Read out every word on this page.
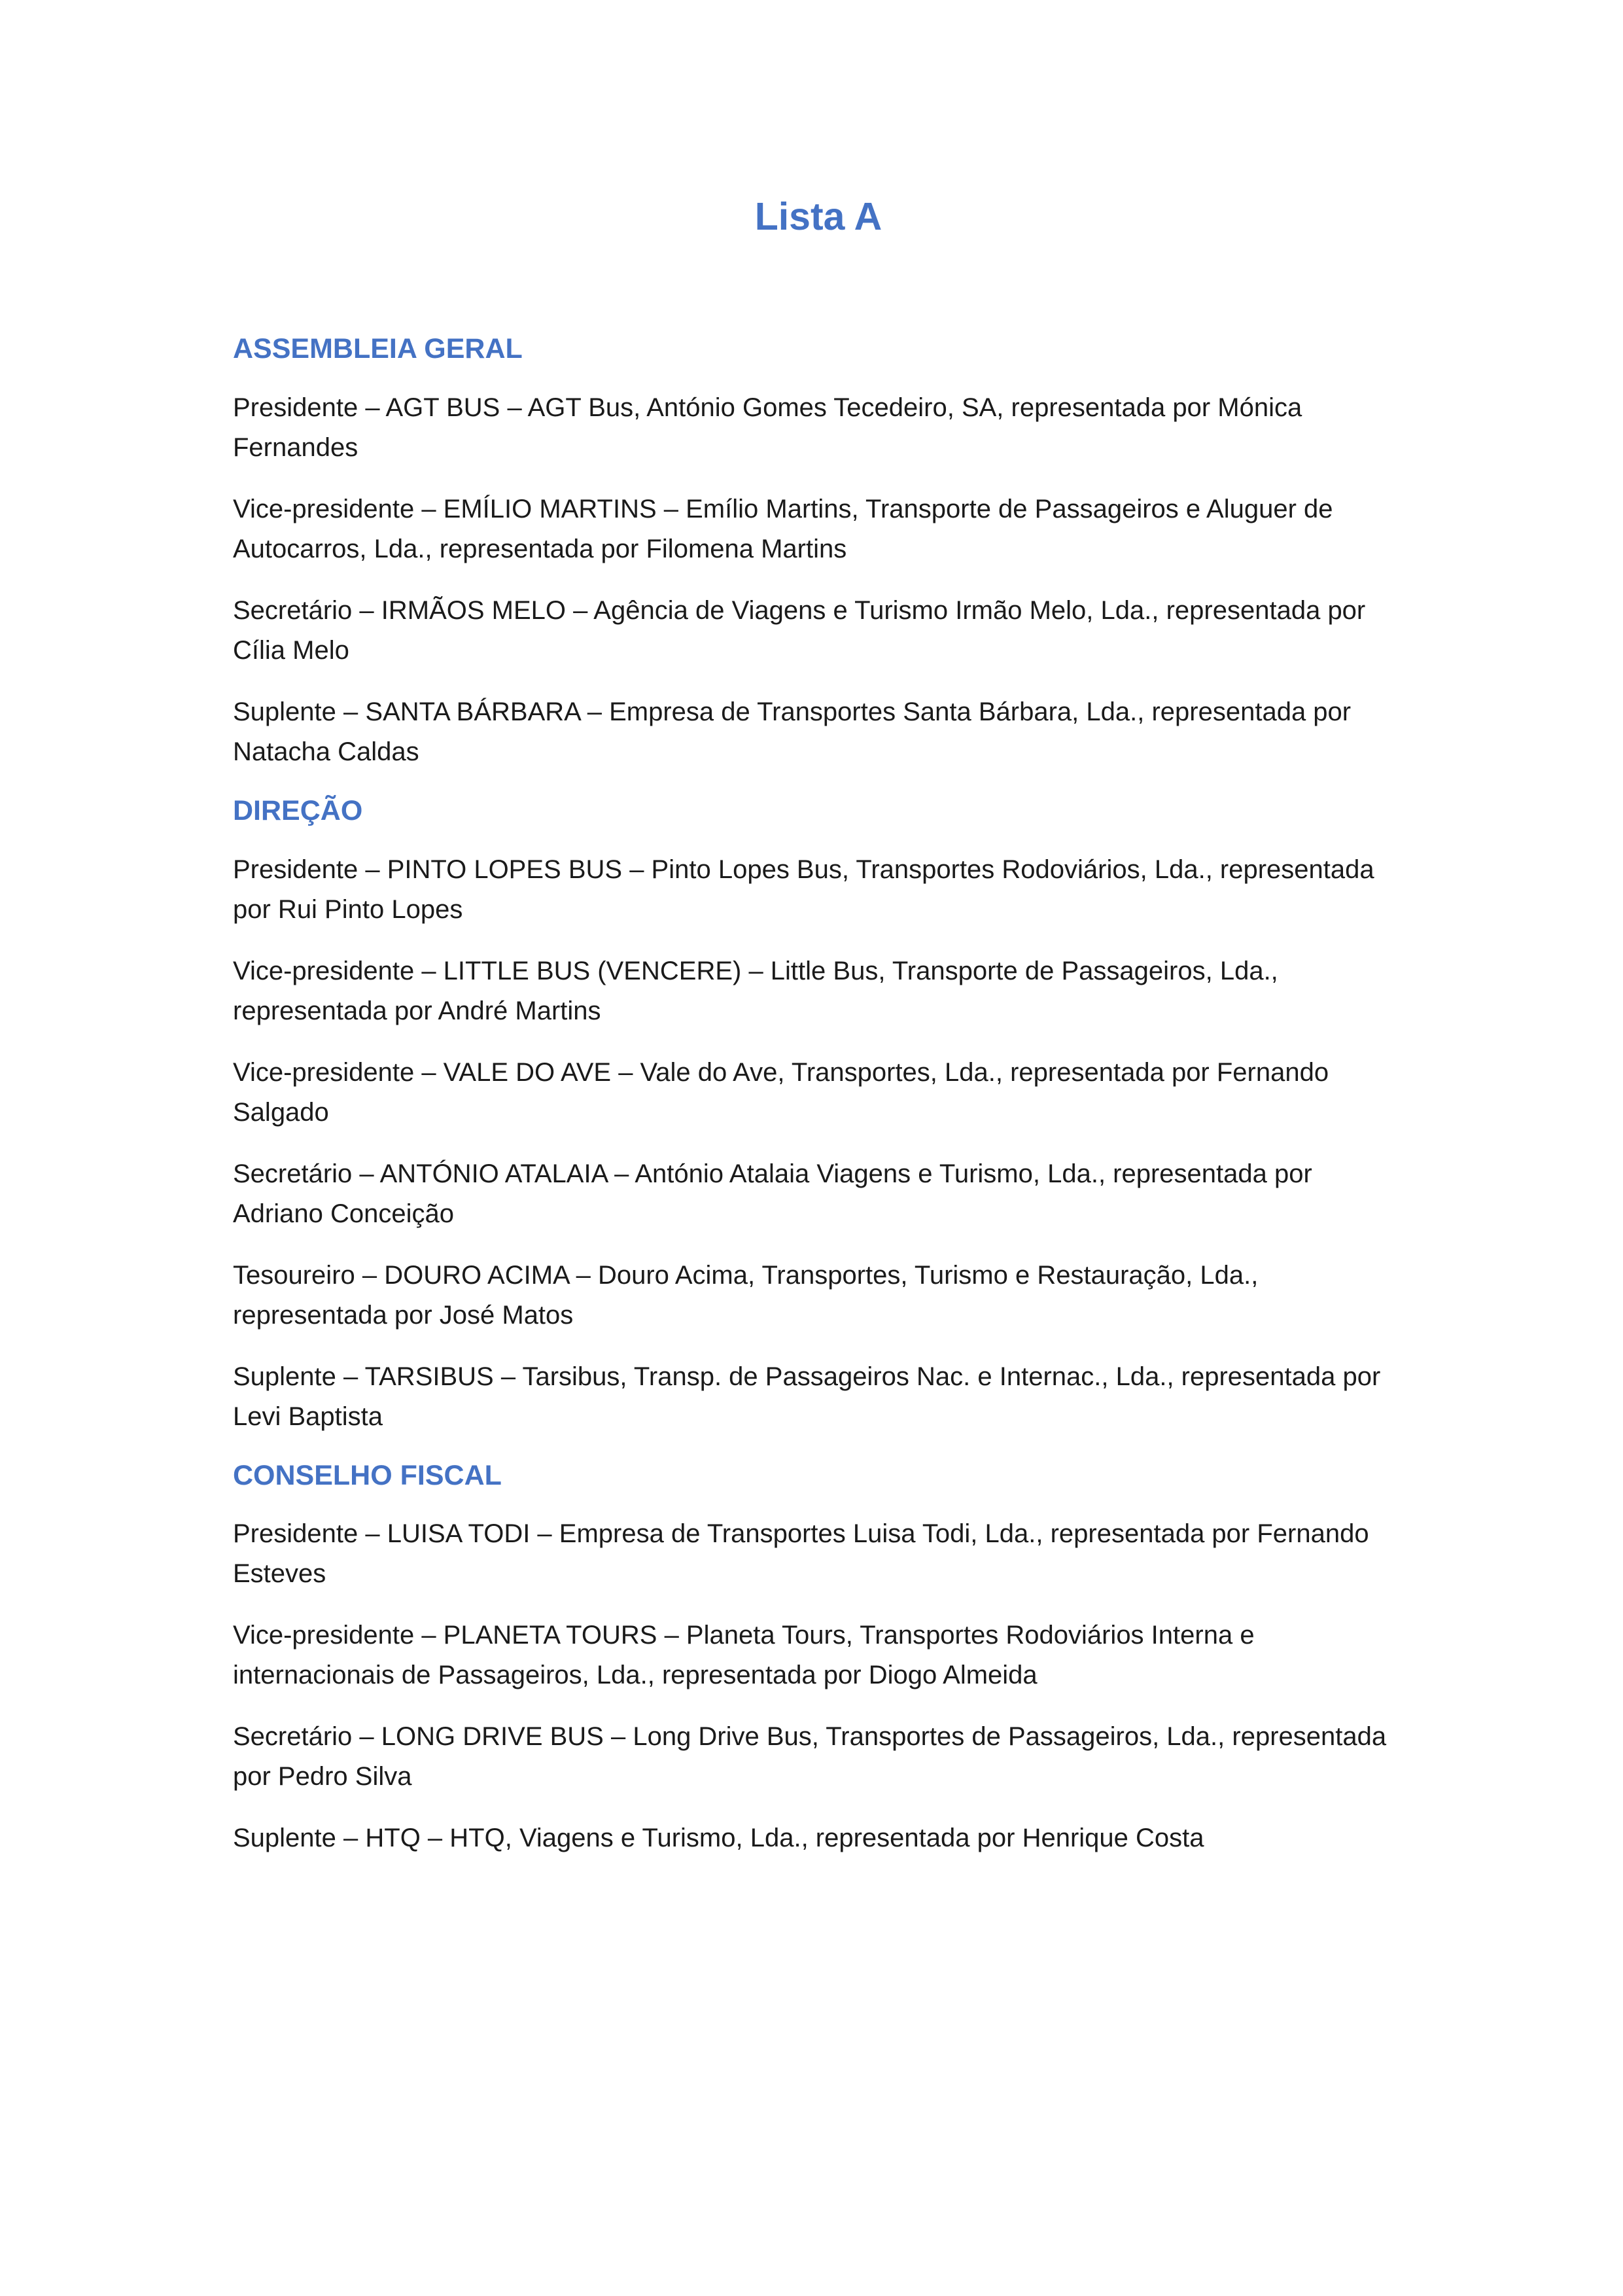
Lista A
ASSEMBLEIA GERAL

Presidente – AGT BUS – AGT Bus, António Gomes Tecedeiro, SA, representada por Mónica Fernandes

Vice-presidente – EMÍLIO MARTINS – Emílio Martins, Transporte de Passageiros e Aluguer de Autocarros, Lda., representada por Filomena Martins

Secretário – IRMÃOS MELO – Agência de Viagens e Turismo Irmão Melo, Lda., representada por Cília Melo

Suplente – SANTA BÁRBARA – Empresa de Transportes Santa Bárbara, Lda., representada por Natacha Caldas

DIREÇÃO

Presidente – PINTO LOPES BUS – Pinto Lopes Bus, Transportes Rodoviários, Lda., representada por Rui Pinto Lopes

Vice-presidente – LITTLE BUS (VENCERE) – Little Bus, Transporte de Passageiros, Lda., representada por André Martins

Vice-presidente – VALE DO AVE – Vale do Ave, Transportes, Lda., representada por Fernando Salgado

Secretário – ANTÓNIO ATALAIA – António Atalaia Viagens e Turismo, Lda., representada por Adriano Conceição

Tesoureiro – DOURO ACIMA – Douro Acima, Transportes, Turismo e Restauração, Lda., representada por José Matos

Suplente – TARSIBUS – Tarsibus, Transp. de Passageiros Nac. e Internac., Lda., representada por Levi Baptista

CONSELHO FISCAL

Presidente – LUISA TODI – Empresa de Transportes Luisa Todi, Lda., representada por Fernando Esteves

Vice-presidente – PLANETA TOURS – Planeta Tours, Transportes Rodoviários Interna e internacionais de Passageiros, Lda., representada por Diogo Almeida

Secretário – LONG DRIVE BUS – Long Drive Bus, Transportes de Passageiros, Lda., representada por Pedro Silva

Suplente – HTQ – HTQ, Viagens e Turismo, Lda., representada por Henrique Costa
